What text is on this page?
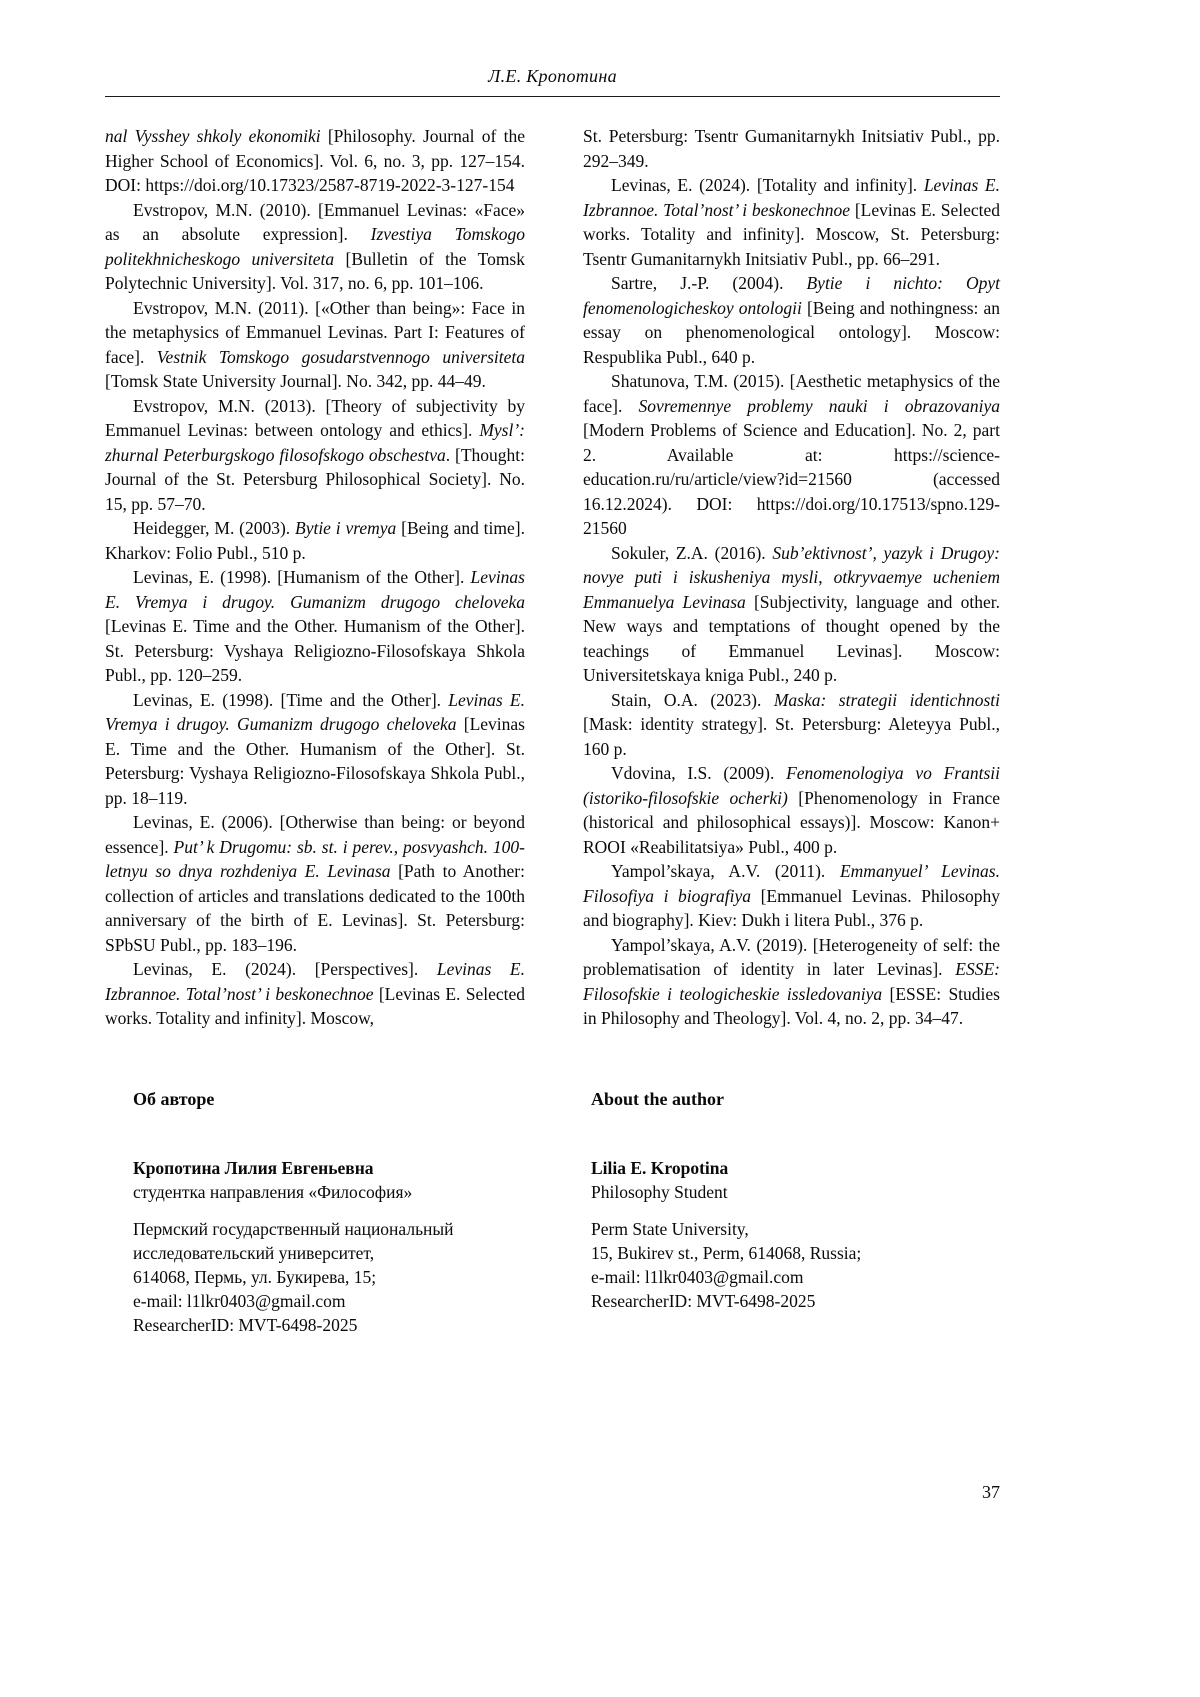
Л.Е. Кропотина

nal Vysshey shkoly ekonomiki [Philosophy. Journal of the Higher School of Economics]. Vol. 6, no. 3, pp. 127–154. DOI: https://doi.org/10.17323/2587-8719-2022-3-127-154

Evstropov, M.N. (2010). [Emmanuel Levinas: «Face» as an absolute expression]. Izvestiya Tomskogo politekhnicheskogo universiteta [Bulletin of the Tomsk Polytechnic University]. Vol. 317, no. 6, pp. 101–106.

Evstropov, M.N. (2011). [«Other than being»: Face in the metaphysics of Emmanuel Levinas. Part I: Features of face]. Vestnik Tomskogo gosudarstvennogo universiteta [Tomsk State University Journal]. No. 342, pp. 44–49.

Evstropov, M.N. (2013). [Theory of subjectivity by Emmanuel Levinas: between ontology and ethics]. Mysl’: zhurnal Peterburgskogo filosofskogo obschestva. [Thought: Journal of the St. Petersburg Philosophical Society]. No. 15, pp. 57–70.

Heidegger, M. (2003). Bytie i vremya [Being and time]. Kharkov: Folio Publ., 510 p.

Levinas, E. (1998). [Humanism of the Other]. Levinas E. Vremya i drugoy. Gumanizm drugogo cheloveka [Levinas E. Time and the Other. Humanism of the Other]. St. Petersburg: Vyshaya Religiozno-Filosofskaya Shkola Publ., pp. 120–259.

Levinas, E. (1998). [Time and the Other]. Levinas E. Vremya i drugoy. Gumanizm drugogo cheloveka [Levinas E. Time and the Other. Humanism of the Other]. St. Petersburg: Vyshaya Religiozno-Filosofskaya Shkola Publ., pp. 18–119.

Levinas, E. (2006). [Otherwise than being: or beyond essence]. Put’ k Drugomu: sb. st. i perev., posvyashch. 100-letnyu so dnya rozhdeniya E. Levinasa [Path to Another: collection of articles and translations dedicated to the 100th anniversary of the birth of E. Levinas]. St. Petersburg: SPbSU Publ., pp. 183–196.

Levinas, E. (2024). [Perspectives]. Levinas E. Izbrannoe. Total’nost’ i beskonechnoe [Levinas E. Selected works. Totality and infinity]. Moscow,

St. Petersburg: Tsentr Gumanitarnykh Initsiativ Publ., pp. 292–349.

Levinas, E. (2024). [Totality and infinity]. Levinas E. Izbrannoe. Total’nost’ i beskonechnoe [Levinas E. Selected works. Totality and infinity]. Moscow, St. Petersburg: Tsentr Gumanitarnykh Initsiativ Publ., pp. 66–291.

Sartre, J.-P. (2004). Bytie i nichto: Opyt fenomenologicheskoy ontologii [Being and nothingness: an essay on phenomenological ontology]. Moscow: Respublika Publ., 640 p.

Shatunova, T.M. (2015). [Aesthetic metaphysics of the face]. Sovremennye problemy nauki i obrazovaniya [Modern Problems of Science and Education]. No. 2, part 2. Available at: https://science-education.ru/ru/article/view?id=21560 (accessed 16.12.2024). DOI: https://doi.org/10.17513/spno.129-21560

Sokuler, Z.A. (2016). Sub’ektivnost’, yazyk i Drugoy: novye puti i iskusheniya mysli, otkryvaemye ucheniem Emmanuelya Levinasa [Subjectivity, language and other. New ways and temptations of thought opened by the teachings of Emmanuel Levinas]. Moscow: Universitetskaya kniga Publ., 240 p.

Stain, O.A. (2023). Maska: strategii identichnosti [Mask: identity strategy]. St. Petersburg: Aleteyya Publ., 160 p.

Vdovina, I.S. (2009). Fenomenologiya vo Frantsii (istoriko-filosofskie ocherki) [Phenomenology in France (historical and philosophical essays)]. Moscow: Kanon+ ROOI «Reabilitatsiya» Publ., 400 p.

Yampol’skaya, A.V. (2011). Emmanyuel’ Levinas. Filosofiya i biografiya [Emmanuel Levinas. Philosophy and biography]. Kiev: Dukh i litera Publ., 376 p.

Yampol’skaya, A.V. (2019). [Heterogeneity of self: the problematisation of identity in later Levinas]. ESSE: Filosofskie i teologicheskie issledovaniya [ESSE: Studies in Philosophy and Theology]. Vol. 4, no. 2, pp. 34–47.

Об авторе
Кропотина Лилия Евгеньевна
студентка направления «Философия»
Пермский государственный национальный
исследовательский университет,
614068, Пермь, ул. Букирева, 15;
e-mail: l1lkr0403@gmail.com
ResearcherID: MVT-6498-2025
About the author
Lilia E. Kropotina
Philosophy Student
Perm State University,
15, Bukirev st., Perm, 614068, Russia;
e-mail: l1lkr0403@gmail.com
ResearcherID: MVT-6498-2025
37
